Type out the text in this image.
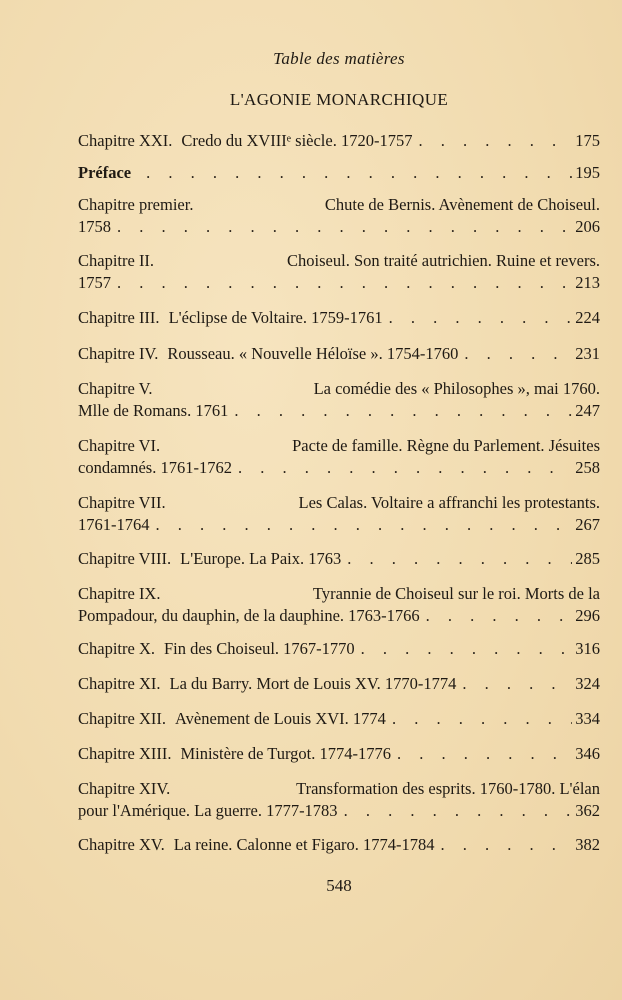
Table des matières
L'AGONIE MONARCHIQUE
Chapitre XXI. Credo du XVIIIᵉ siècle. 1720-1757 . . .	175
Préface . . .	195
Chapitre premier.	Chute de Bernis. Avènement de Choiseul.
1758 . . .	206
Chapitre II.	Choiseul. Son traité autrichien. Ruine et revers.
1757 . . .	213
Chapitre III. L'éclipse de Voltaire. 1759-1761 . . .	224
Chapitre IV. Rousseau. « Nouvelle Héloïse ». 1754-1760 . . .	231
Chapitre V.	La comédie des « Philosophes », mai 1760.
Mlle de Romans. 1761 . . .	247
Chapitre VI.	Pacte de famille. Règne du Parlement. Jésuites
condamnés. 1761-1762 . . .	258
Chapitre VII.	Les Calas. Voltaire a affranchi les protestants.
1761-1764 . . .	267
Chapitre VIII. L'Europe. La Paix. 1763 . . .	285
Chapitre IX.	Tyrannie de Choiseul sur le roi. Morts de la
Pompadour, du dauphin, de la dauphine. 1763-1766 . . .	296
Chapitre X. Fin des Choiseul. 1767-1770 . . .	316
Chapitre XI. La du Barry. Mort de Louis XV. 1770-1774 . . .	324
Chapitre XII. Avènement de Louis XVI. 1774 . . .	334
Chapitre XIII. Ministère de Turgot. 1774-1776 . . .	346
Chapitre XIV.	Transformation des esprits. 1760-1780. L'élan
pour l'Amérique. La guerre. 1777-1783 . . .	362
Chapitre XV. La reine. Calonne et Figaro. 1774-1784 . . .	382
548
